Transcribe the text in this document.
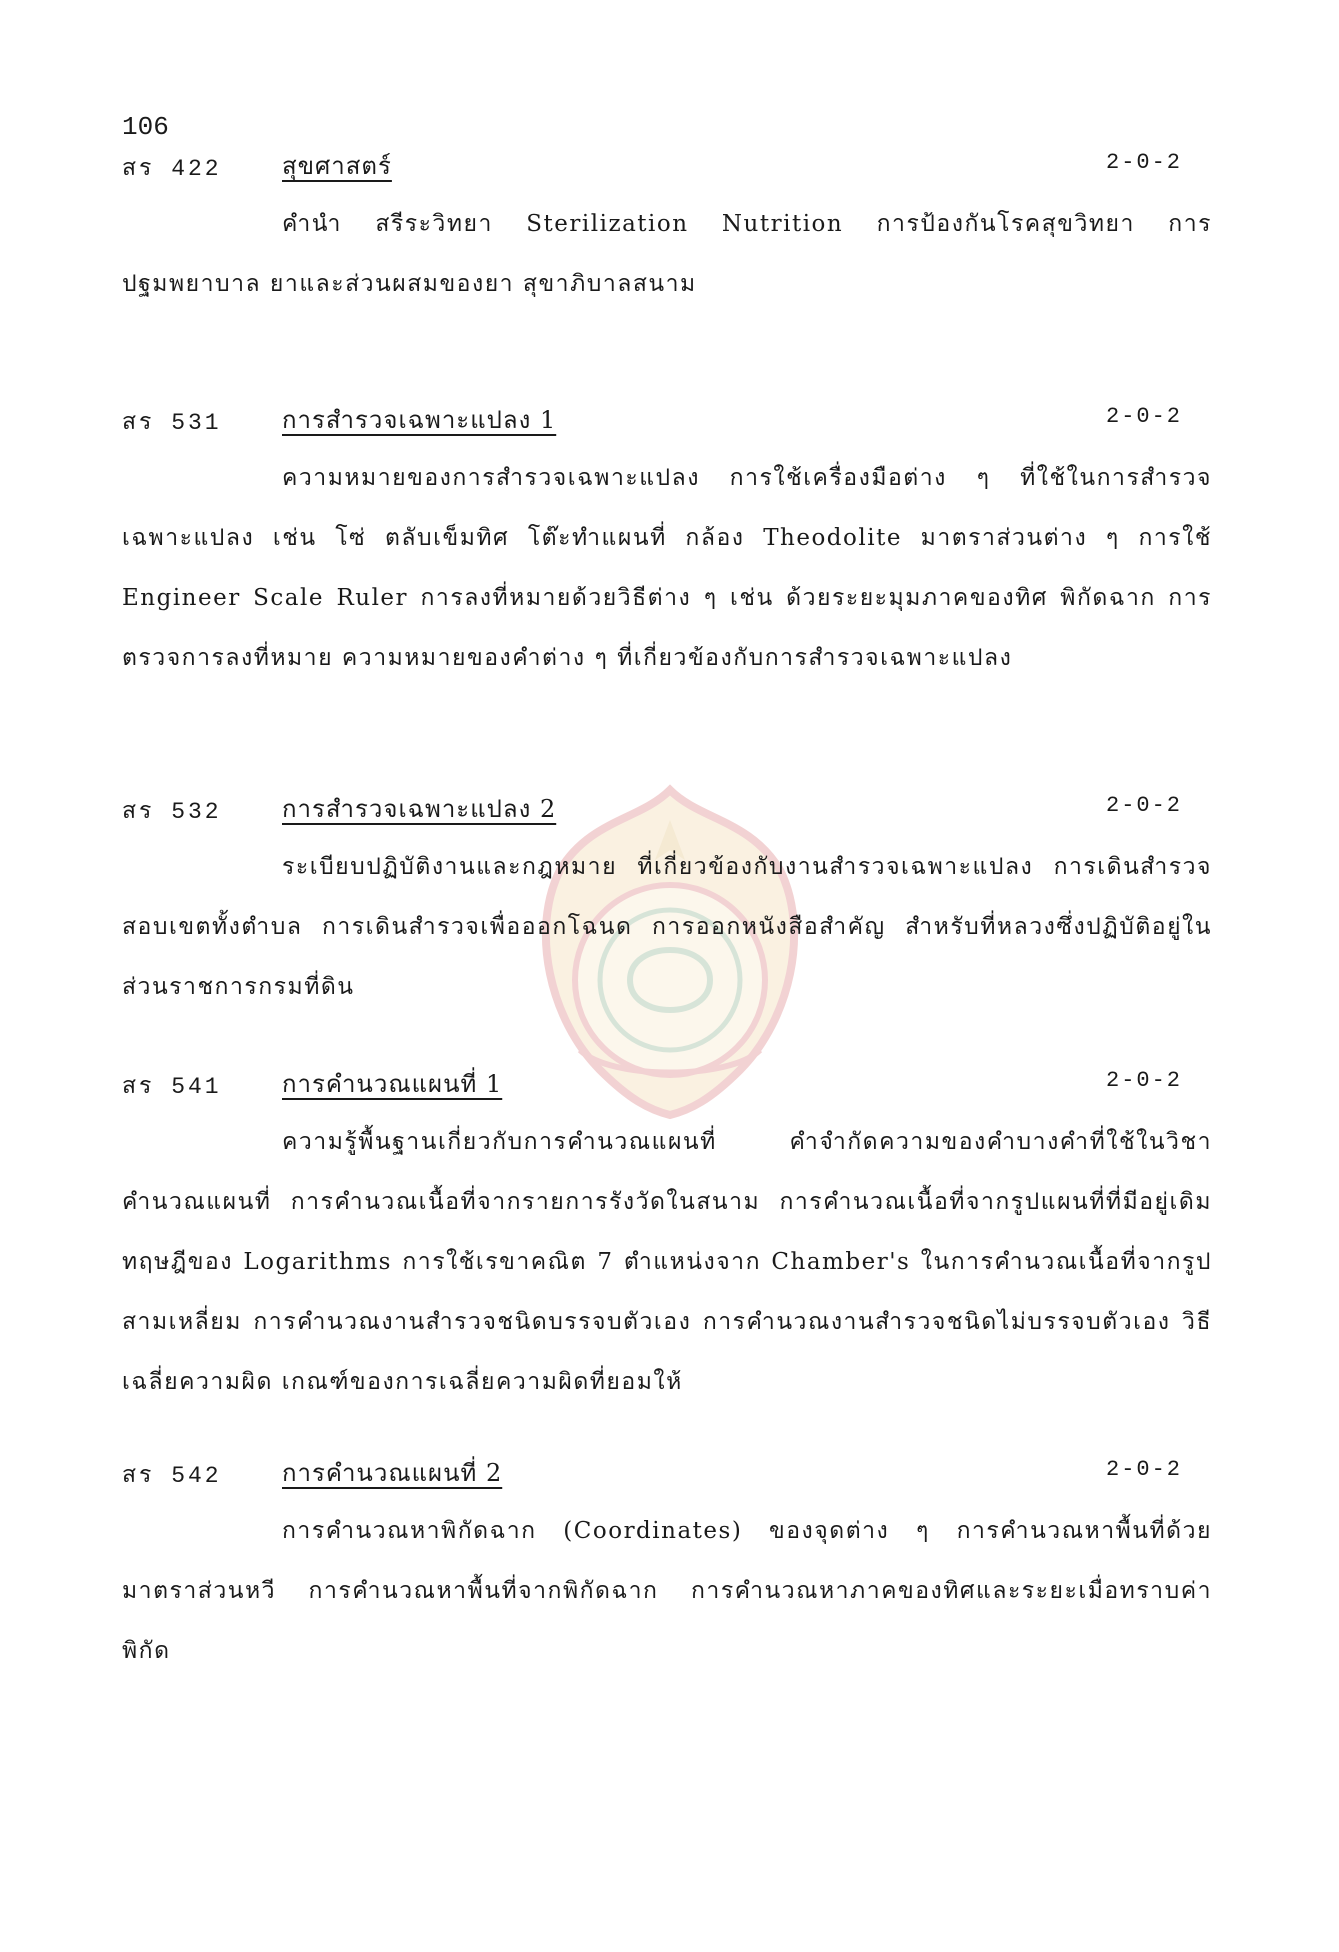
106
สร 422	สุขศาสตร์	2-0-2

คำนำ สรีระวิทยา Sterilization Nutrition การป้องกันโรคสุขวิทยา การปฐมพยาบาล ยาและส่วนผสมของยา สุขาภิบาลสนาม

สร 531	การสำรวจเฉพาะแปลง 1	2-0-2

ความหมายของการสำรวจเฉพาะแปลง การใช้เครื่องมือต่าง ๆ ที่ใช้ในการสำรวจเฉพาะแปลง เช่น โซ่ ตลับเข็มทิศ โต๊ะทำแผนที่ กล้อง Theodolite มาตราส่วนต่าง ๆ การใช้ Engineer Scale Ruler การลงที่หมายด้วยวิธีต่าง ๆ เช่น ด้วยระยะมุมภาคของทิศ พิกัดฉาก การตรวจการลงที่หมาย ความหมายของคำต่าง ๆ ที่เกี่ยวข้องกับการสำรวจเฉพาะแปลง

สร 532	การสำรวจเฉพาะแปลง 2	2-0-2

ระเบียบปฏิบัติงานและกฎหมาย ที่เกี่ยวข้องกับงานสำรวจเฉพาะแปลง การเดินสำรวจสอบเขตทั้งตำบล การเดินสำรวจเพื่อออกโฉนด การออกหนังสือสำคัญ สำหรับที่หลวงซึ่งปฏิบัติอยู่ในส่วนราชการกรมที่ดิน

สร 541	การคำนวณแผนที่ 1	2-0-2

ความรู้พื้นฐานเกี่ยวกับการคำนวณแผนที่ คำจำกัดความของคำบางคำที่ใช้ในวิชาคำนวณแผนที่ การคำนวณเนื้อที่จากรายการรังวัดในสนาม การคำนวณเนื้อที่จากรูปแผนที่ที่มีอยู่เดิม ทฤษฎีของ Logarithms การใช้เรขาคณิต 7 ตำแหน่งจาก Chamber's ในการคำนวณเนื้อที่จากรูปสามเหลี่ยม การคำนวณงานสำรวจชนิดบรรจบตัวเอง การคำนวณงานสำรวจชนิดไม่บรรจบตัวเอง วิธีเฉลี่ยความผิด เกณฑ์ของการเฉลี่ยความผิดที่ยอมให้

สร 542	การคำนวณแผนที่ 2	2-0-2

การคำนวณหาพิกัดฉาก (Coordinates) ของจุดต่าง ๆ การคำนวณหาพื้นที่ด้วยมาตราส่วนหวี การคำนวณหาพื้นที่จากพิกัดฉาก การคำนวณหาภาคของทิศและระยะเมื่อทราบค่าพิกัด
